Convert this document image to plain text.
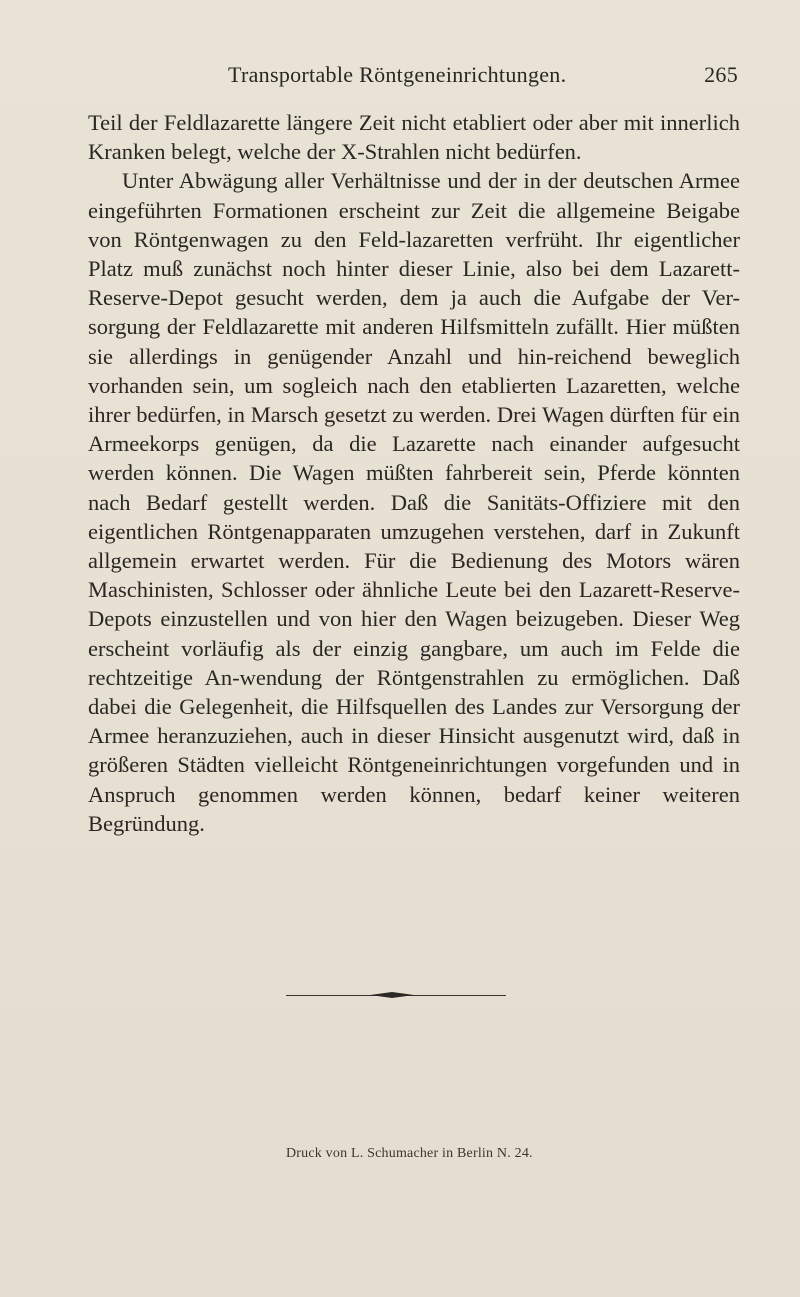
Transportable Röntgeneinrichtungen.	265

Teil der Feldlazarette längere Zeit nicht etabliert oder aber mit innerlich Kranken belegt, welche der X-Strahlen nicht bedürfen.

Unter Abwägung aller Verhältnisse und der in der deutschen Armee eingeführten Formationen erscheint zur Zeit die allgemeine Beigabe von Röntgenwagen zu den Feld-lazaretten verfrüht. Ihr eigentlicher Platz muß zunächst noch hinter dieser Linie, also bei dem Lazarett-Reserve-Depot gesucht werden, dem ja auch die Aufgabe der Ver-sorgung der Feldlazarette mit anderen Hilfsmitteln zufällt. Hier müßten sie allerdings in genügender Anzahl und hin-reichend beweglich vorhanden sein, um sogleich nach den etablierten Lazaretten, welche ihrer bedürfen, in Marsch gesetzt zu werden. Drei Wagen dürften für ein Armeekorps genügen, da die Lazarette nach einander aufgesucht werden können. Die Wagen müßten fahrbereit sein, Pferde könnten nach Bedarf gestellt werden. Daß die Sanitäts-Offiziere mit den eigentlichen Röntgenapparaten umzugehen verstehen, darf in Zukunft allgemein erwartet werden. Für die Bedienung des Motors wären Maschinisten, Schlosser oder ähnliche Leute bei den Lazarett-Reserve-Depots einzustellen und von hier den Wagen beizugeben. Dieser Weg erscheint vorläufig als der einzig gangbare, um auch im Felde die rechtzeitige An-wendung der Röntgenstrahlen zu ermöglichen. Daß dabei die Gelegenheit, die Hilfsquellen des Landes zur Versorgung der Armee heranzuziehen, auch in dieser Hinsicht ausgenutzt wird, daß in größeren Städten vielleicht Röntgeneinrichtungen vorgefunden und in Anspruch genommen werden können, bedarf keiner weiteren Begründung.

Druck von L. Schumacher in Berlin N. 24.
